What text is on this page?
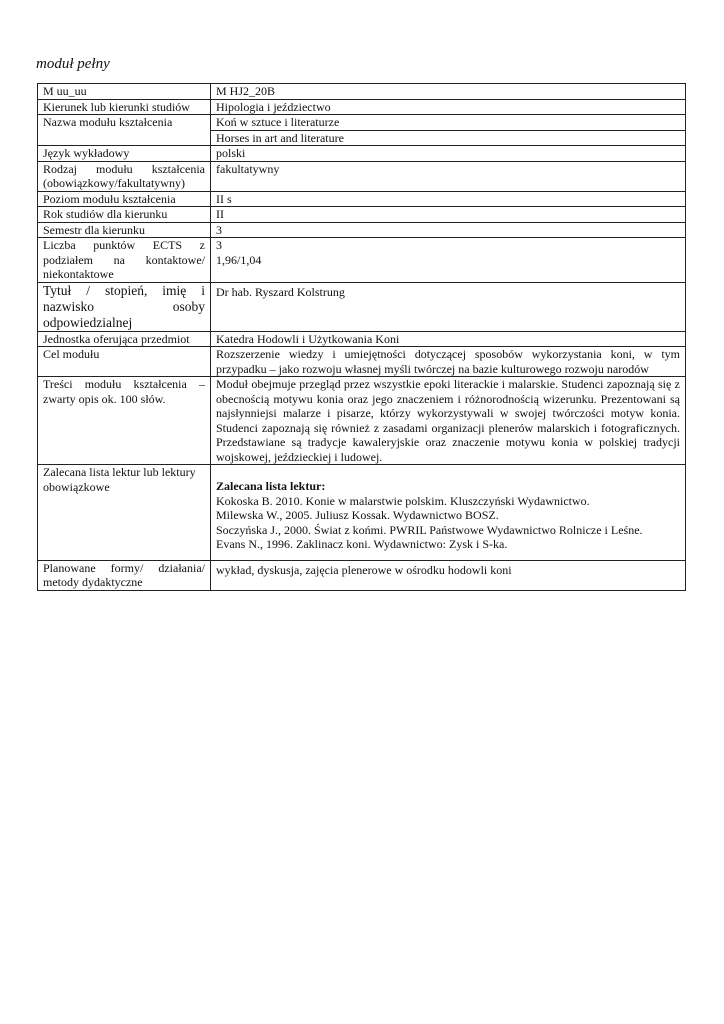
moduł pełny
M uu_uu	M HJ2_20B
Kierunek lub kierunki studiów	Hipologia i jeździectwo
Nazwa modułu kształcenia	Koń w sztuce i literaturze
Horses in art and literature

Język wykładowy	polski

Rodzaj modułu kształcenia
(obowiązkowy/fakultatywny)	fakultatywny
Poziom modułu kształcenia	II s
Rok studiów dla kierunku	II
Semestr dla kierunku	3
Liczba punktów ECTS z podziałem na kontaktowe/ niekontaktowe	3
1,96/1,04

Tytuł / stopień, imię i nazwisko osoby odpowiedzialnej	Dr hab. Ryszard Kolstrung
Jednostka oferująca przedmiot	Katedra Hodowli i Użytkowania Koni
Cel modułu	Rozszerzenie wiedzy i umiejętności dotyczącej sposobów wykorzystania koni, w tym przypadku – jako rozwoju własnej myśli twórczej na bazie kulturowego rozwoju narodów
Treści modułu kształcenia – zwarty opis ok. 100 słów.	Moduł obejmuje przegląd przez wszystkie epoki literackie i malarskie. Studenci zapoznają się z obecnością motywu konia oraz jego znaczeniem i różnorodnością wizerunku. Prezentowani są najsłynniejsi malarze i pisarze, którzy wykorzystywali w swojej twórczości motyw konia. Studenci zapoznają się również z zasadami organizacji plenerów malarskich i fotograficznych. Przedstawiane są tradycje kawaleryjskie oraz znaczenie motywu konia w polskiej tradycji wojskowej, jeździeckiej i ludowej.
Zalecana lista lektur lub lektury obowiązkowe	Zalecana lista lektur:
Kokoska B. 2010. Konie w malarstwie polskim. Kluszczyński Wydawnictwo.
Milewska W., 2005. Juliusz Kossak. Wydawnictwo BOSZ.
Soczyńska J., 2000. Świat z końmi. PWRIL Państwowe Wydawnictwo Rolnicze i Leśne.
Evans N., 1996. Zaklinacz koni. Wydawnictwo: Zysk i S-ka.

Planowane formy/ działania/ metody dydaktyczne	wykład, dyskusja, zajęcia plenerowe w ośrodku hodowli koni
